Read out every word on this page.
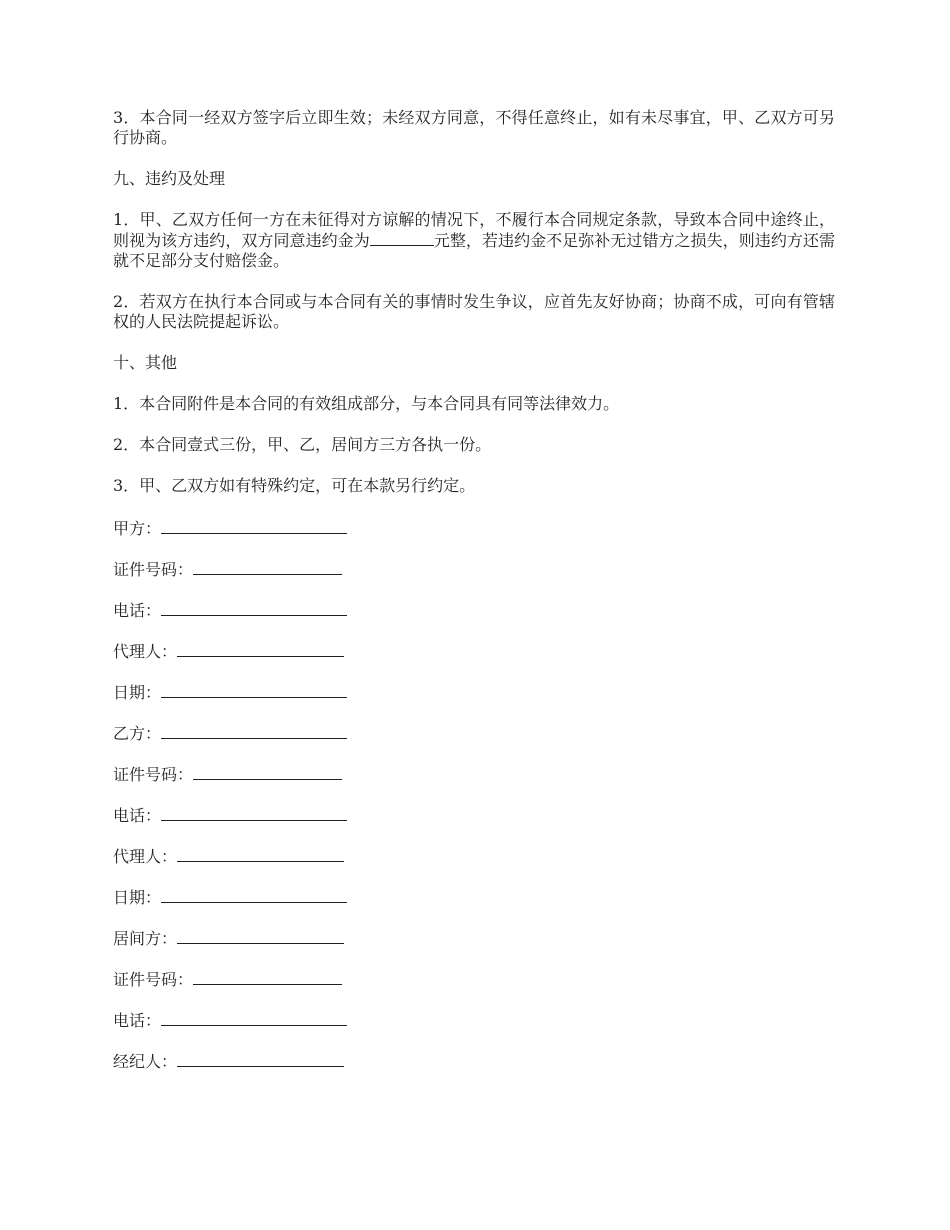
3．本合同一经双方签字后立即生效；未经双方同意，不得任意终止，如有未尽事宜，甲、乙双方可另行协商。

九、违约及处理

1．甲、乙双方任何一方在未征得对方谅解的情况下，不履行本合同规定条款，导致本合同中途终止，则视为该方违约，双方同意违约金为	元整，若违约金不足弥补无过错方之损失，则违约方还需就不足部分支付赔偿金。

2．若双方在执行本合同或与本合同有关的事情时发生争议，应首先友好协商；协商不成，可向有管辖权的人民法院提起诉讼。

十、其他

1．本合同附件是本合同的有效组成部分，与本合同具有同等法律效力。

2．本合同壹式三份，甲、乙，居间方三方各执一份。

3．甲、乙双方如有特殊约定，可在本款另行约定。

甲方：
证件号码：
电话：
代理人：
日期：
乙方：
证件号码：
电话：
代理人：
日期：
居间方：
证件号码：
电话：
经纪人：
